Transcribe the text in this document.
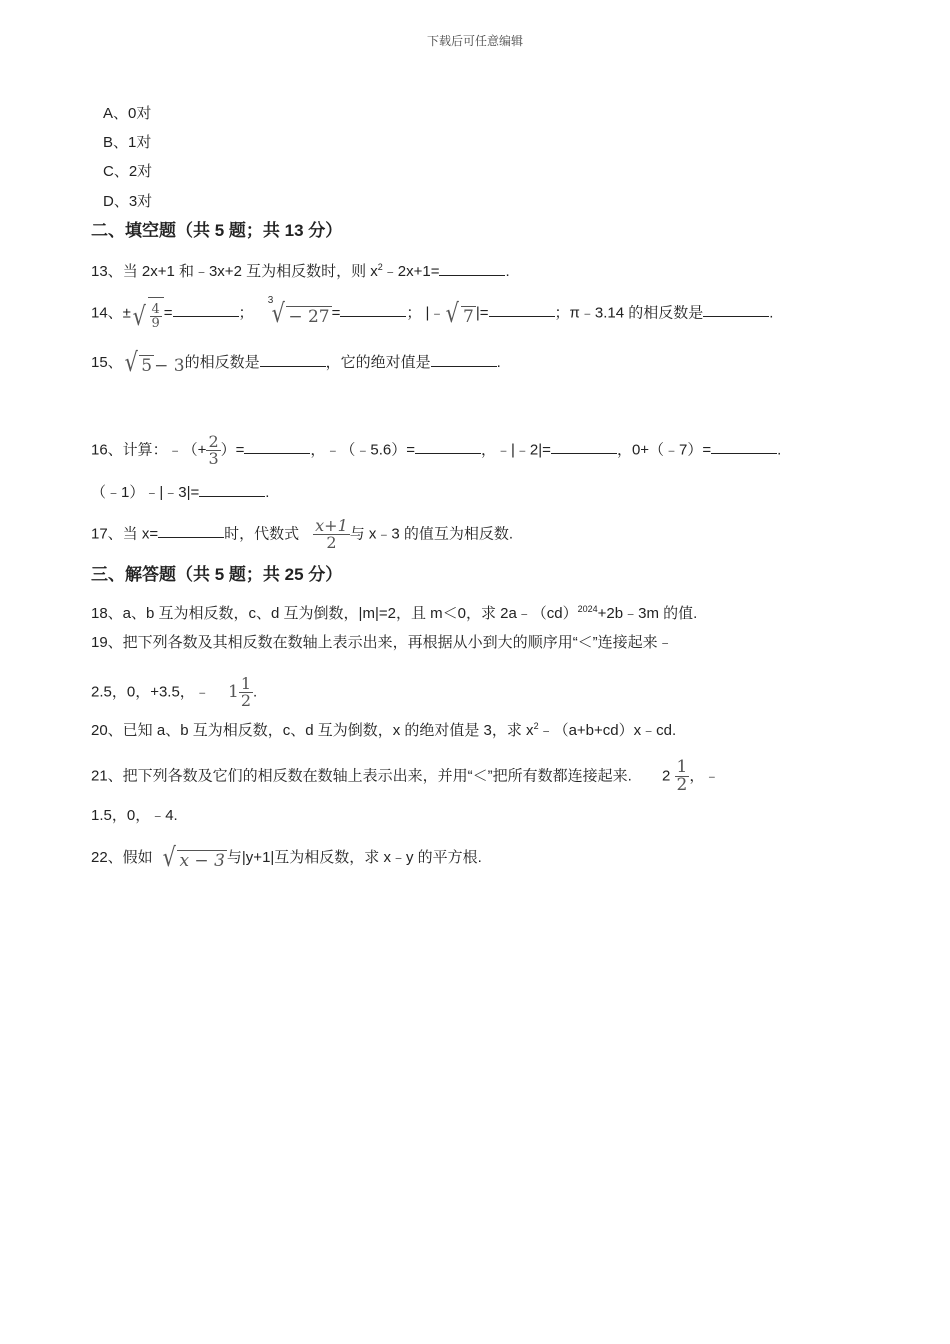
下载后可任意编辑
A、0对
B、1对
C、2对
D、3对
二、填空题（共 5 题；共 13 分）
13、当 2x+1 和﹣3x+2 互为相反数时，则 $x^2﹣2x+1=$	.
14、± √ $\frac{4}{9}$ =	；
3
√ − 27 =	； |﹣ √ 7 |=	；π﹣3.14 的相反数是	.
15、 √ 5 − 3 的相反数是	，它的绝对值是	.
16、计算：﹣（+ $\frac{2}{3}$ ）=	，﹣（﹣5.6）=	，﹣|﹣2|=	，0+（﹣7）=	.
（﹣1）﹣|﹣3|=	.
17、当 x=	时，代数式 $\frac{x+1}{2}$ 与 x﹣3 的值互为相反数.
三、解答题（共 5 题；共 25 分）
18、a、b 互为相反数，c、d 互为倒数，|m|=2，且 m＜0，求 2a﹣（cd）$^{2024}$+2b﹣3m 的值.
19、把下列各数及其相反数在数轴上表示出来，再根据从小到大的顺序用“＜”连接起来﹣
2.5，0，+3.5，﹣ $1 \frac{1}{2}$ .
20、已知 a、b 互为相反数，c、d 互为倒数，x 的绝对值是 3，求 $x^2﹣(a+b+cd)x﹣cd$.
21、把下列各数及它们的相反数在数轴上表示出来，并用“＜”把所有数都连接起来. $2 \frac{1}{2}$ ，﹣
1.5，0，﹣4.
22、假如 √ x − 3 与|y+1|互为相反数，求 x﹣y 的平方根.
